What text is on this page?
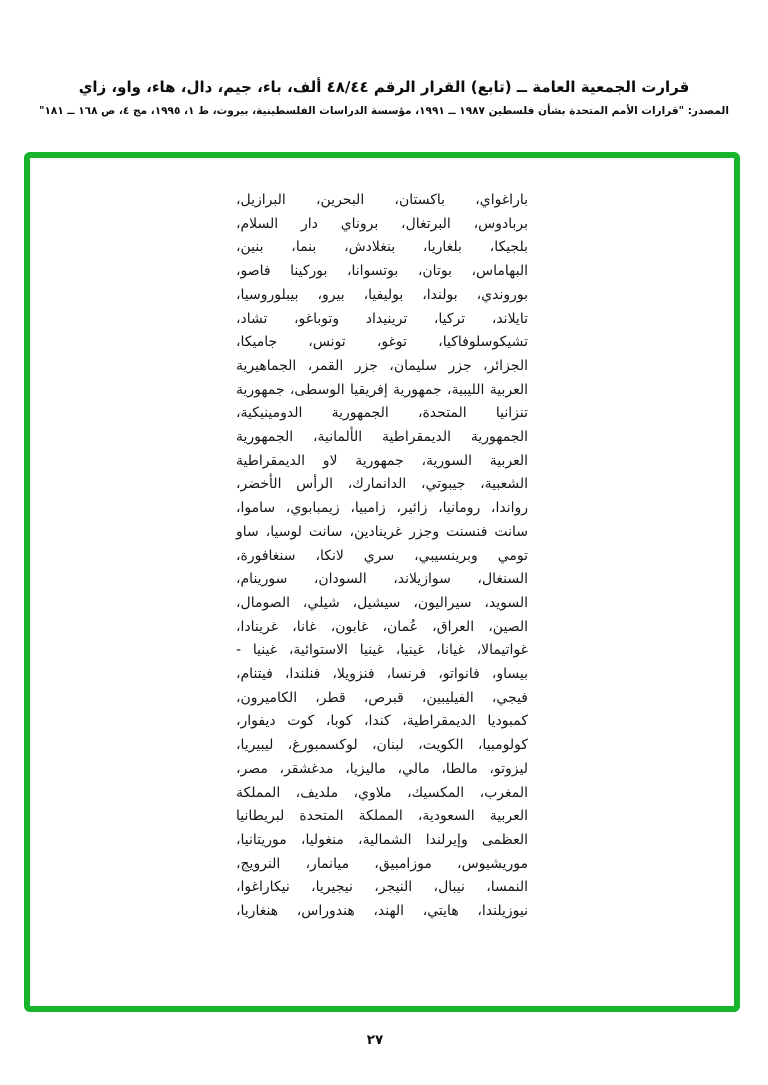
قرارت الجمعية العامة ــ (تابع) القرار الرقم ٤٨/٤٤ ألف، باء، جيم، دال، هاء، واو، زاي
المصدر: "قرارات الأمم المتحدة بشأن فلسطين ١٩٨٧ ــ ١٩٩١، مؤسسة الدراسات الفلسطينية، بيروت، ط ١، ١٩٩٥، مج ٤، ص ١٦٨ ــ ١٨١"
باراغواي، باكستان، البحرين، البرازيل،
بربادوس، البرتغال، بروناي دار السلام،
بلجيكا، بلغاريا، بنغلادش، بنما، بنين،
البهاماس، بوتان، بوتسوانا، بوركينا فاصو،
بوروندي، بولندا، بوليفيا، بيرو، بيبلوروسيا،
تايلاند، تركيا، ترينيداد وتوباغو، تشاد،
تشيكوسلوفاكيا، توغو، تونس، جاميكا،
الجزائر، جزر سليمان، جزر القمر، الجماهيرية
العربية الليبية، جمهورية إفريقيا الوسطى، جمهورية
تنزانيا المتحدة، الجمهورية الدومينيكية،
الجمهورية الديمقراطية الألمانية، الجمهورية
العربية السورية، جمهورية لاو الديمقراطية
الشعبية، جيبوتي، الدانمارك، الرأس الأخضر،
رواندا، رومانيا، زائير، زامبيا، زيمبابوي، ساموا،
سانت فنسنت وجزر غرينادين، سانت لوسيا، ساو
تومي وبرينسيبي، سري لانكا، سنغافورة،
السنغال، سوازيلاند، السودان، سورينام،
السويد، سيراليون، سيشيل، شيلي، الصومال،
الصين، العراق، عُمان، غابون، غانا، غرينادا،
غواتيمالا، غيانا، غينيا، غينيا الاستوائية، غينيا -
بيساو، فانواتو، فرنسا، فنزويلا، فنلندا، فيتنام،
فيجي، الفيليبين، قبرص، قطر، الكاميرون،
كمبوديا الديمقراطية، كندا، كوبا، كوت ديفوار،
كولومبيا، الكويت، لبنان، لوكسمبورغ، ليبيريا،
ليزوتو، مالطا، مالي، ماليزيا، مدغشقر، مصر،
المغرب، المكسيك، ملاوي، ملديف، المملكة
العربية السعودية، المملكة المتحدة لبريطانيا
العظمى وإيرلندا الشمالية، منغوليا، موريتانيا،
موريشيوس، موزامبيق، ميانمار، النرويج،
النمسا، نيبال، النيجر، نيجيريا، نيكاراغوا،
نيوزيلندا، هايتي، الهند، هندوراس، هنغاريا،
٢٧
